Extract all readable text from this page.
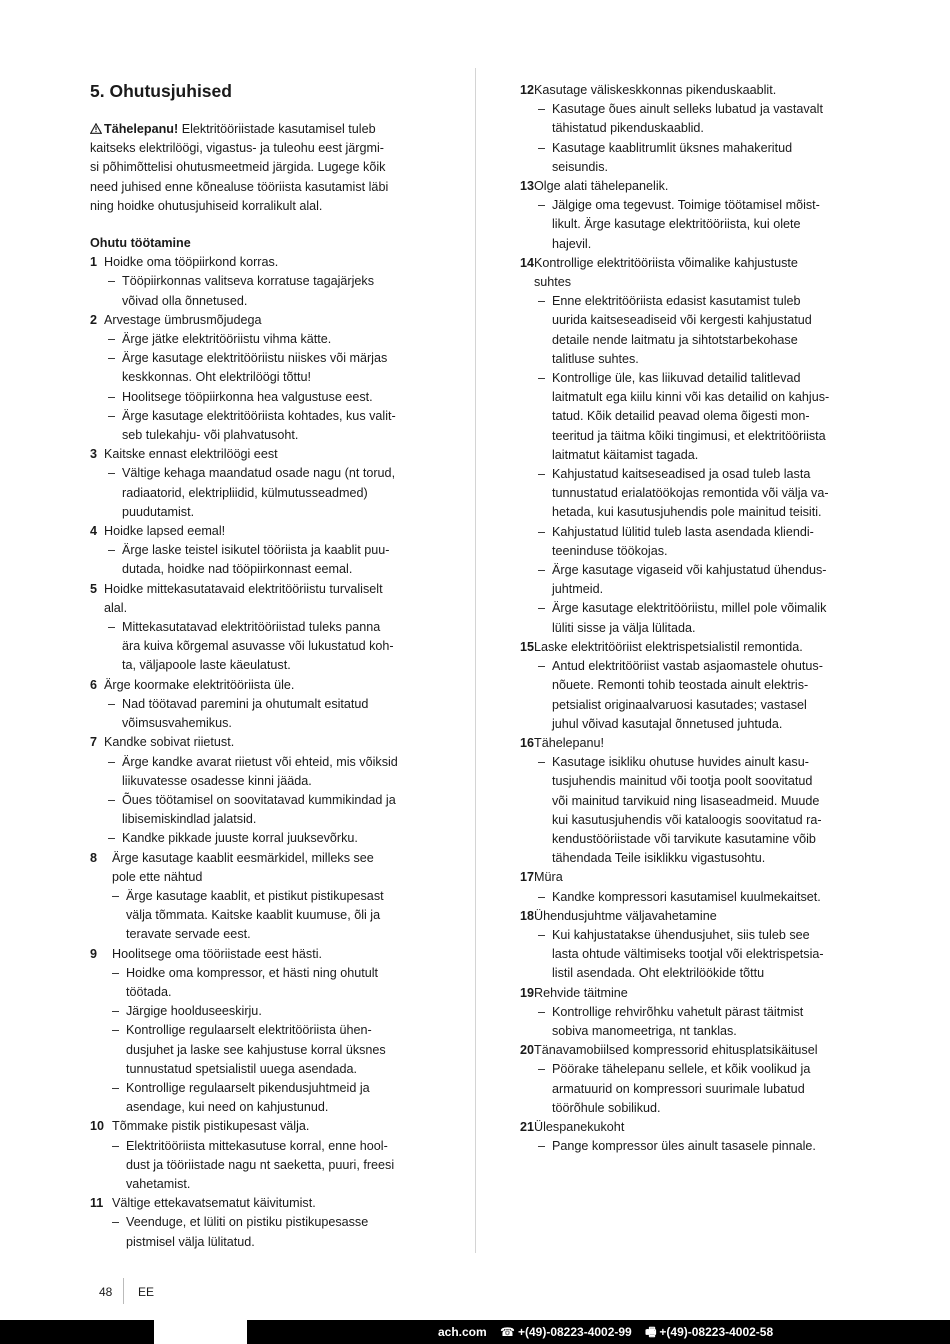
5. Ohutusjuhised
Tähelepanu! Elektritööriistade kasutamisel tuleb
kaitseks elektrilöögi, vigastus- ja tuleohu eest järgmi-
si põhimõttelisi ohutusmeetmeid järgida. Lugege kõik
need juhised enne kõnealuse tööriista kasutamist läbi
ning hoidke ohutusjuhiseid korralikult alal.
Ohutu töötamine
1 Hoidke oma tööpiirkond korras.
– Tööpiirkonnas valitseva korratuse tagajärjeks
võivad olla õnnetused.
2 Arvestage ümbrusmõjudega
– Ärge jätke elektritööriistu vihma kätte.
– Ärge kasutage elektritööriistu niiskes või märjas
keskkonnas. Oht elektrilöögi tõttu!
– Hoolitsege tööpiirkonna hea valgustuse eest.
– Ärge kasutage elektritööriista kohtades, kus valit-
seb tulekahju- või plahvatusoht.
3 Kaitske ennast elektrilöögi eest
– Vältige kehaga maandatud osade nagu (nt torud,
radiaatorid, elektripliidid, külmutusseadmed)
puudutamist.
4 Hoidke lapsed eemal!
– Ärge laske teistel isikutel tööriista ja kaablit puu-
dutada, hoidke nad tööpiirkonnast eemal.
5 Hoidke mittekasutatavaid elektritööriistu turvaliselt
alal.
– Mittekasutatavad elektritööriistad tuleks panna
ära kuiva kõrgemal asuvasse või lukustatud koh-
ta, väljapoole laste käeulatust.
6 Ärge koormake elektritööriista üle.
– Nad töötavad paremini ja ohutumalt esitatud
võimsusvahemikus.
7 Kandke sobivat riietust.
– Ärge kandke avarat riietust või ehteid, mis võiksid
liikuvatesse osadesse kinni jääda.
– Õues töötamisel on soovitatavad kummikindad ja
libisemiskindlad jalatsid.
– Kandke pikkade juuste korral juuksevõrku.
8 Ärge kasutage kaablit eesmärkidel, milleks see
pole ette nähtud
– Ärge kasutage kaablit, et pistikut pistikupesast
välja tõmmata. Kaitske kaablit kuumuse, õli ja
teravate servade eest.
9 Hoolitsege oma tööriistade eest hästi.
– Hoidke oma kompressor, et hästi ning ohutult
töötada.
– Järgige hoolduseeskirju.
– Kontrollige regulaarselt elektritööriista ühen-
dusjuhet ja laske see kahjustuse korral üksnes
tunnustatud spetsialistil uuega asendada.
– Kontrollige regulaarselt pikendusjuhtmeid ja
asendage, kui need on kahjustunud.
10 Tõmmake pistik pistikupesast välja.
– Elektritööriista mittekasutuse korral, enne hool-
dust ja tööriistade nagu nt saeketta, puuri, freesi
vahetamist.
11 Vältige ettekavatsematut käivitumist.
– Veenduge, et lüliti on pistiku pistikupesasse
pistmisel välja lülitatud.
12 Kasutage väliskeskkonnas pikenduskaablit.
– Kasutage õues ainult selleks lubatud ja vastavalt
tähistatud pikenduskaablid.
– Kasutage kaablitrumlit üksnes mahakeritud
seisundis.
13 Olge alati tähelepanelik.
– Jälgige oma tegevust. Toimige töötamisel mõist-
likult. Ärge kasutage elektritööriista, kui olete
hajevil.
14 Kontrollige elektritööriista võimalike kahjustuste
suhtes
– Enne elektritööriista edasist kasutamist tuleb
uurida kaitseseadiseid või kergesti kahjustatud
detaile nende laitmatu ja sihtotstarbekohase
talitluse suhtes.
– Kontrollige üle, kas liikuvad detailid talitlevad
laitmatult ega kiilu kinni või kas detailid on kahjus-
tatud. Kõik detailid peavad olema õigesti mon-
teeritud ja täitma kõiki tingimusi, et elektritööriista
laitmatut käitamist tagada.
– Kahjustatud kaitseseadised ja osad tuleb lasta
tunnustatud erialatöökojas remontida või välja va-
hetada, kui kasutusjuhendis pole mainitud teisiti.
– Kahjustatud lülitid tuleb lasta asendada kliendi-
teeninduse töökojas.
– Ärge kasutage vigaseid või kahjustatud ühendus-
juhtmeid.
– Ärge kasutage elektritööriistu, millel pole võimalik
lüliti sisse ja välja lülitada.
15 Laske elektritööriist elektrispetsialistil remontida.
– Antud elektritööriist vastab asjaomastele ohutus-
nõuete. Remonti tohib teostada ainult elektris-
petsialist originaalvaruosi kasutades; vastasel
juhul võivad kasutajal õnnetused juhtuda.
16 Tähelepanu!
– Kasutage isikliku ohutuse huvides ainult kasu-
tusjuhendis mainitud või tootja poolt soovitatud
või mainitud tarvikuid ning lisaseadmeid. Muude
kui kasutusjuhendis või kataloogis soovitatud ra-
kendustööriistade või tarvikute kasutamine võib
tähendada Teile isiklikku vigastusohtu.
17 Müra
– Kandke kompressori kasutamisel kuulmekaitset.
18 Ühendusjuhtme väljavahetamine
– Kui kahjustatakse ühendusjuhet, siis tuleb see
lasta ohtude vältimiseks tootjal või elektrispetsia-
listil asendada. Oht elektrilöökide tõttu
19 Rehvide täitmine
– Kontrollige rehvirõhku vahetult pärast täitmist
sobiva manomeetriga, nt tanklas.
20 Tänavamobiilsed kompressorid ehitusplatsikäitusel
– Pöörake tähelepanu sellele, et kõik voolikud ja
armatuurid on kompressori suurimale lubatud
töörõhule sobilikud.
21 Ülespanekukoht
– Pange kompressor üles ainult tasasele pinnale.
48 EE
ach.com ☎ +(49)-08223-4002-99 🖷 +(49)-08223-4002-58
